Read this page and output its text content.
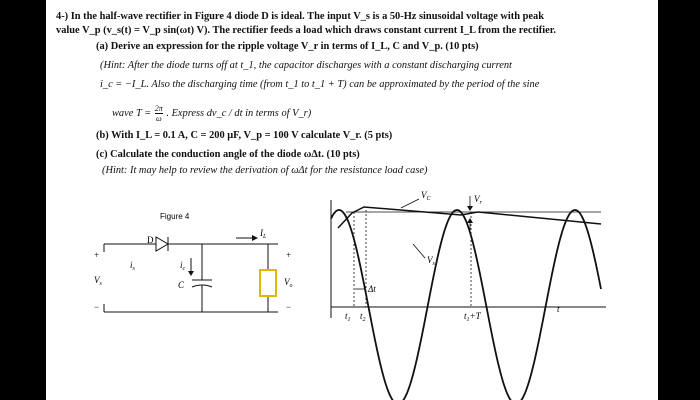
4-) In the half-wave rectifier in Figure 4 diode D is ideal. The input V_s is a 50-Hz sinusoidal voltage with peak
value V_p (v_s(t) = V_p sin(ωt) V). The rectifier feeds a load which draws constant current I_L from the rectifier.
(a) Derive an expression for the ripple voltage V_r in terms of I_L, C and V_p. (10 pts)
(Hint: After the diode turns off at t_1, the capacitor discharges with a constant discharging current
i_c = −I_L. Also the discharging time (from t_1 to t_1 + T) can be approximated by the period of the sine
wave $T = \frac{2\pi}{\omega}$ . Express dv_c / dt in terms of V_r)
(b) With I_L = 0.1 A, C = 200 μF, V_p = 100 V calculate V_r. (5 pts)
(c) Calculate the conduction angle of the diode ωΔt. (10 pts)
(Hint: It may help to review the derivation of ωΔt for the resistance load case)
Figure 4
D
$I_L$
+
−
$V_s$
$i_s$	$i_c$
C
+
−
$V_o$
$V_C$	$V_r$
$V_s$
Δt
$t_1$ $t_2$	$t_1+T$
t
